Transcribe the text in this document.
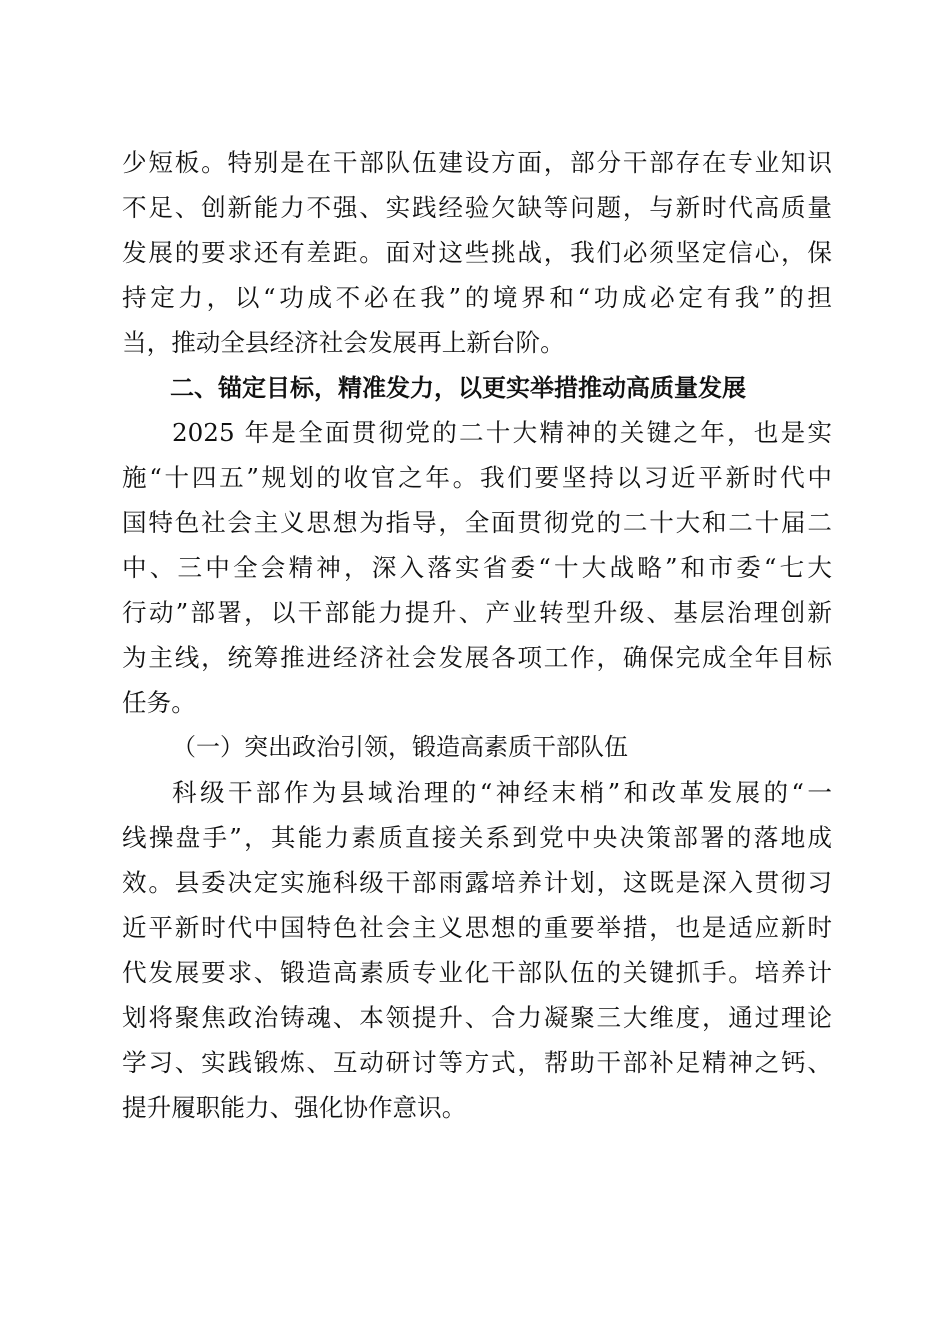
少短板。特别是在干部队伍建设方面，部分干部存在专业知识
不足、创新能力不强、实践经验欠缺等问题，与新时代高质量
发展的要求还有差距。面对这些挑战，我们必须坚定信心，保
持定力，以“功成不必在我”的境界和“功成必定有我”的担
当，推动全县经济社会发展再上新台阶。
二、锚定目标，精准发力，以更实举措推动高质量发展
2025 年是全面贯彻党的二十大精神的关键之年，也是实
施“十四五”规划的收官之年。我们要坚持以习近平新时代中
国特色社会主义思想为指导，全面贯彻党的二十大和二十届二
中、三中全会精神，深入落实省委“十大战略”和市委“七大
行动”部署，以干部能力提升、产业转型升级、基层治理创新
为主线，统筹推进经济社会发展各项工作，确保完成全年目标
任务。
（一）突出政治引领，锻造高素质干部队伍
科级干部作为县域治理的“神经末梢”和改革发展的“一
线操盘手”，其能力素质直接关系到党中央决策部署的落地成
效。县委决定实施科级干部雨露培养计划，这既是深入贯彻习
近平新时代中国特色社会主义思想的重要举措，也是适应新时
代发展要求、锻造高素质专业化干部队伍的关键抓手。培养计
划将聚焦政治铸魂、本领提升、合力凝聚三大维度，通过理论
学习、实践锻炼、互动研讨等方式，帮助干部补足精神之钙、
提升履职能力、强化协作意识。
